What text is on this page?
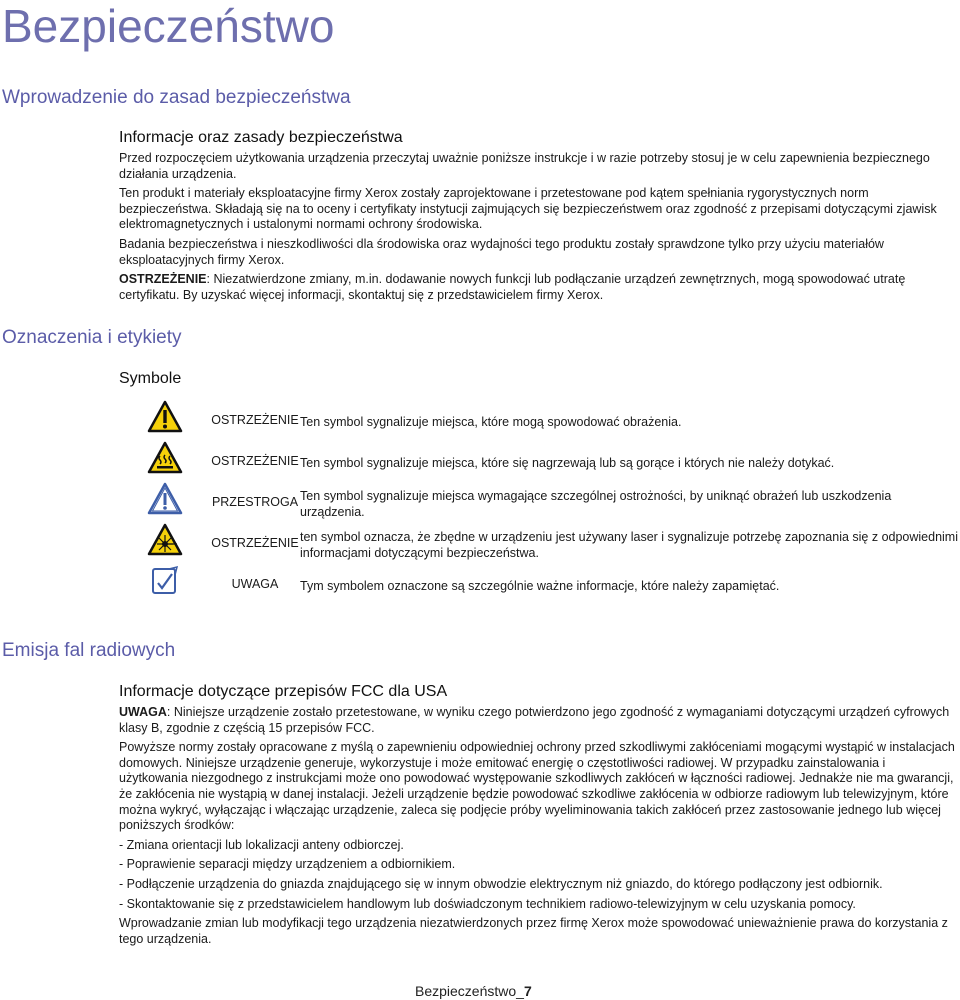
Bezpieczeństwo
Wprowadzenie do zasad bezpieczeństwa
Informacje oraz zasady bezpieczeństwa

Przed rozpoczęciem użytkowania urządzenia przeczytaj uważnie poniższe instrukcje i w razie potrzeby stosuj je w celu zapewnienia bezpiecznego działania urządzenia.

Ten produkt i materiały eksploatacyjne firmy Xerox zostały zaprojektowane i przetestowane pod kątem spełniania rygorystycznych norm bezpieczeństwa. Składają się na to oceny i certyfikaty instytucji zajmujących się bezpieczeństwem oraz zgodność z przepisami dotyczącymi zjawisk elektromagnetycznych i ustalonymi normami ochrony środowiska.

Badania bezpieczeństwa i nieszkodliwości dla środowiska oraz wydajności tego produktu zostały sprawdzone tylko przy użyciu materiałów eksploatacyjnych firmy Xerox.

OSTRZEŻENIE: Niezatwierdzone zmiany, m.in. dodawanie nowych funkcji lub podłączanie urządzeń zewnętrznych, mogą spowodować utratę certyfikatu. By uzyskać więcej informacji, skontaktuj się z przedstawicielem firmy Xerox.

Oznaczenia i etykiety
Symbole
	OSTRZEŻENIE	Ten symbol sygnalizuje miejsca, które mogą spowodować obrażenia.

	OSTRZEŻENIE	Ten symbol sygnalizuje miejsca, które się nagrzewają lub są gorące i których nie należy dotykać.

	PRZESTROGA	Ten symbol sygnalizuje miejsca wymagające szczególnej ostrożności, by uniknąć obrażeń lub uszkodzenia urządzenia.

	OSTRZEŻENIE	ten symbol oznacza, że zbędne w urządzeniu jest używany laser i sygnalizuje potrzebę zapoznania się z odpowiednimi informacjami dotyczącymi bezpieczeństwa.

	UWAGA	Tym symbolem oznaczone są szczególnie ważne informacje, które należy zapamiętać.
Emisja fal radiowych
Informacje dotyczące przepisów FCC dla USA

UWAGA: Niniejsze urządzenie zostało przetestowane, w wyniku czego potwierdzono jego zgodność z wymaganiami dotyczącymi urządzeń cyfrowych klasy B, zgodnie z częścią 15 przepisów FCC.

Powyższe normy zostały opracowane z myślą o zapewnieniu odpowiedniej ochrony przed szkodliwymi zakłóceniami mogącymi wystąpić w instalacjach domowych. Niniejsze urządzenie generuje, wykorzystuje i może emitować energię o częstotliwości radiowej. W przypadku zainstalowania i użytkowania niezgodnego z instrukcjami może ono powodować występowanie szkodliwych zakłóceń w łączności radiowej. Jednakże nie ma gwarancji, że zakłócenia nie wystąpią w danej instalacji. Jeżeli urządzenie będzie powodować szkodliwe zakłócenia w odbiorze radiowym lub telewizyjnym, które można wykryć, wyłączając i włączając urządzenie, zaleca się podjęcie próby wyeliminowania takich zakłóceń przez zastosowanie jednego lub więcej poniższych środków:

- Zmiana orientacji lub lokalizacji anteny odbiorczej.

- Poprawienie separacji między urządzeniem a odbiornikiem.

- Podłączenie urządzenia do gniazda znajdującego się w innym obwodzie elektrycznym niż gniazdo, do którego podłączony jest odbiornik.

- Skontaktowanie się z przedstawicielem handlowym lub doświadczonym technikiem radiowo-telewizyjnym w celu uzyskania pomocy.

Wprowadzanie zmian lub modyfikacji tego urządzenia niezatwierdzonych przez firmę Xerox może spowodować unieważnienie prawa do korzystania z tego urządzenia.

Bezpieczeństwo_7
